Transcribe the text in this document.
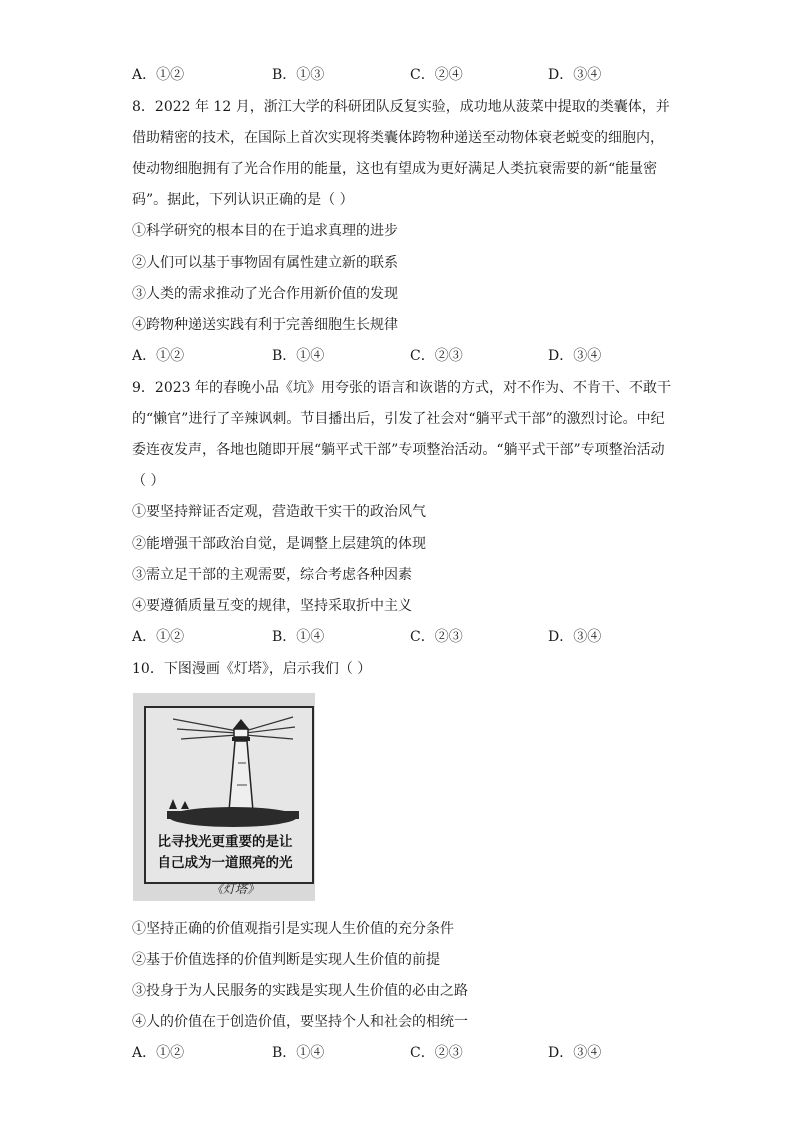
A．①②	B．①③	C．②④	D．③④
8．2022 年 12 月，浙江大学的科研团队反复实验，成功地从菠菜中提取的类囊体，并
借助精密的技术，在国际上首次实现将类囊体跨物种递送至动物体衰老蜕变的细胞内，
使动物细胞拥有了光合作用的能量，这也有望成为更好满足人类抗衰需要的新“能量密
码”。据此，下列认识正确的是（ ）
①科学研究的根本目的在于追求真理的进步
②人们可以基于事物固有属性建立新的联系
③人类的需求推动了光合作用新价值的发现
④跨物种递送实践有利于完善细胞生长规律
A．①②	B．①④	C．②③	D．③④
9．2023 年的春晚小品《坑》用夸张的语言和诙谐的方式，对不作为、不肯干、不敢干
的“懒官”进行了辛辣讽刺。节目播出后，引发了社会对“躺平式干部”的激烈讨论。中纪
委连夜发声，各地也随即开展“躺平式干部”专项整治活动。“躺平式干部”专项整治活动
（ ）
①要坚持辩证否定观，营造敢干实干的政治风气
②能增强干部政治自觉，是调整上层建筑的体现
③需立足干部的主观需要，综合考虑各种因素
④要遵循质量互变的规律，坚持采取折中主义
A．①②	B．①④	C．②③	D．③④
10．下图漫画《灯塔》，启示我们（ ）
比寻找光更重要的是让
自己成为一道照亮的光
《灯塔》
①坚持正确的价值观指引是实现人生价值的充分条件
②基于价值选择的价值判断是实现人生价值的前提
③投身于为人民服务的实践是实现人生价值的必由之路
④人的价值在于创造价值，要坚持个人和社会的相统一
A．①②	B．①④	C．②③	D．③④
